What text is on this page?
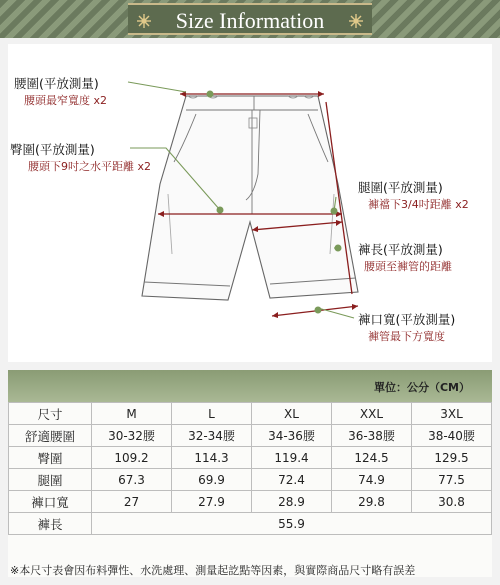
Size Information
腰圍(平放測量)
腰頭最窄寬度 x2
臀圍(平放測量)
腰頭下9吋之水平距離 x2
腿圍(平放測量)
褲襠下3/4吋距離 x2
褲長(平放測量)
腰頭至褲管的距離
褲口寬(平放測量)
褲管最下方寬度
單位：公分（CM）
尺寸	M	L	XL	XXL	3XL
舒適腰圍	30-32腰	32-34腰	34-36腰	36-38腰	38-40腰
臀圍	109.2	114.3	119.4	124.5	129.5
腿圍	67.3	69.9	72.4	74.9	77.5
褲口寬	27	27.9	28.9	29.8	30.8
褲長	55.9				
※本尺寸表會因布料彈性、水洗處理、測量起訖點等因素，與實際商品尺寸略有誤差
